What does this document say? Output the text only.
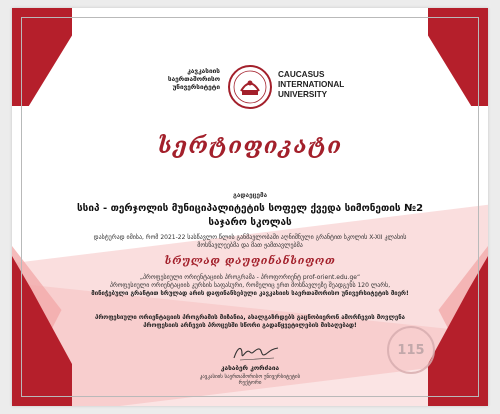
კავკასიის
საერთაშორისო
უნივერსიტეტი
CAUCASUS
INTERNATIONAL
UNIVERSITY
სერტიფიკატი
გადაეცემა
სსიპ - თერჯოლის მუნიციპალიტეტის სოფელ ქვედა სიმონეთის №2
საჯარო სკოლას
დასტურად იმისა, რომ 2021-22 სასწავლო წლის განმავლობაში აღნიშნული გრანტით სკოლის X-XII კლასის
მოსწავლეებმა და მათ ჟამთავლებმა
სრულად დაუფინანსიფოთ
„პროფესიული ორიენტაციის პროგრამა - პროფორიენტ prof-orient.edu.ge“
პროფესიული ორიენტაციის კურსის საფასური, რომელიც ერთ მოსწავლეზე შეადგენს 120 ლარს,
მინიჭებული გრანტით სრულად არის დაფინანსებული კავკასიის საერთაშორისო უნივერსიტეტის მიერ!
პროფესიული ორიენტაციის პროგრამის მიზანია, ახალგაზრდებს გაცნობიერონ ამორჩევის მოვლენა
პროფესიის არჩევის პროცესში სწორი გადაწყვეტილების მისაღებად!
კახაბერ კორძაია
კავკასიის საერთაშორისო უნივერსიტეტის
რექტორი
115
